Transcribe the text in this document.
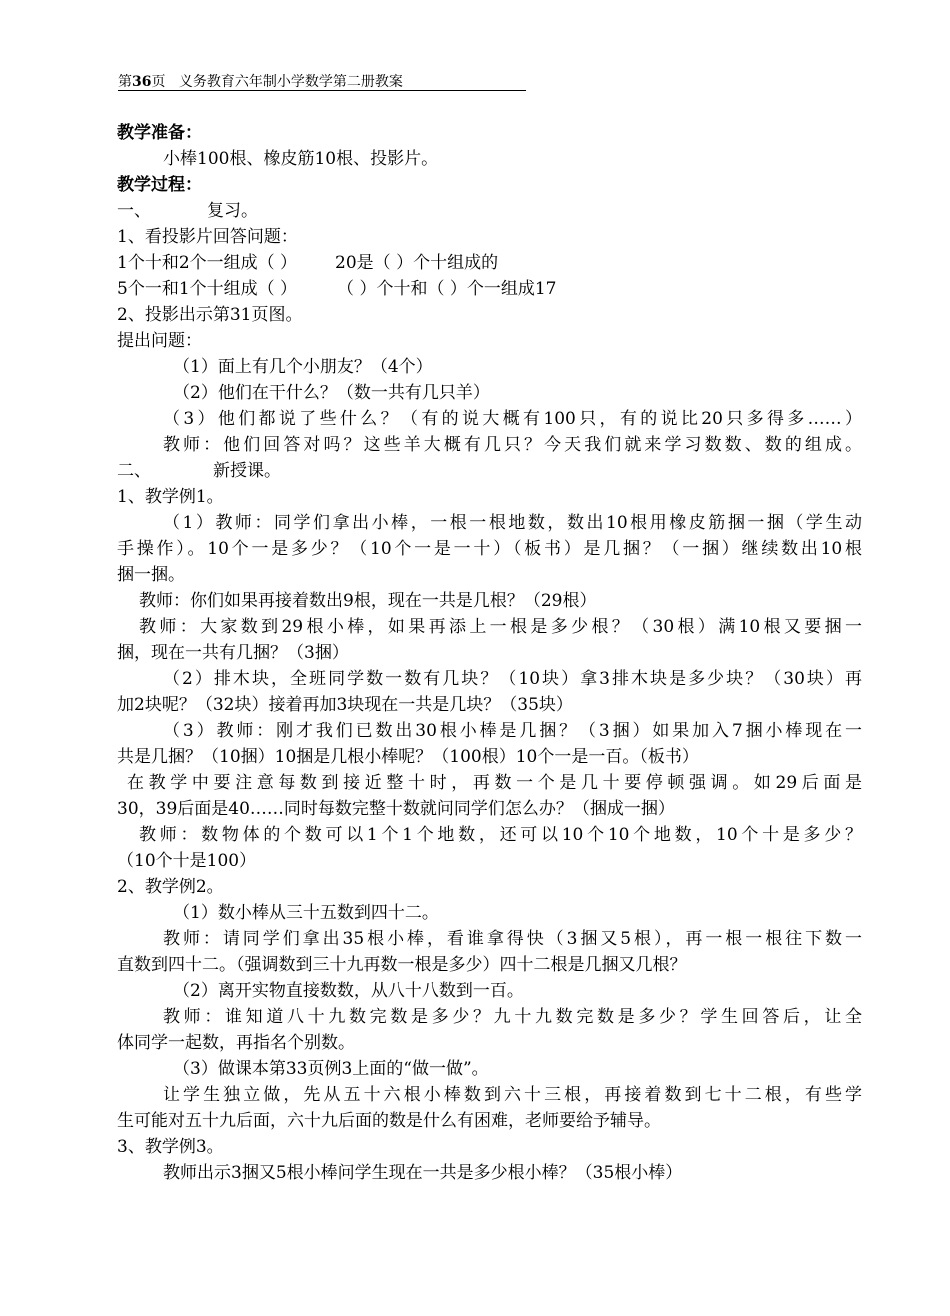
第36页 义务教育六年制小学数学第二册教案
教学准备：
小棒100根、橡皮筋10根、投影片。
教学过程：
一、	复习。
1、看投影片回答问题：
1个十和2个一组成（ ） 20是（ ）个十组成的
5个一和1个十组成（ ） （ ）个十和（ ）个一组成17
2、投影出示第31页图。
提出问题：
（1）面上有几个小朋友？（4个）
（2）他们在干什么？（数一共有几只羊）
（3）他们都说了些什么？（有的说大概有100只，有的说比20只多得多……）
教师：他们回答对吗？这些羊大概有几只？今天我们就来学习数数、数的组成。
二、	新授课。
1、教学例1。
（1）教师：同学们拿出小棒，一根一根地数，数出10根用橡皮筋捆一捆（学生动
手操作）。10个一是多少？（10个一是一十）（板书）是几捆？（一捆）继续数出10根
捆一捆。
教师：你们如果再接着数出9根，现在一共是几根？（29根）
教师：大家数到29根小棒，如果再添上一根是多少根？（30根）满10根又要捆一
捆，现在一共有几捆？（3捆）
（2）排木块，全班同学数一数有几块？（10块）拿3排木块是多少块？（30块）再
加2块呢？（32块）接着再加3块现在一共是几块？（35块）
（3）教师：刚才我们已数出30根小棒是几捆？（3捆）如果加入7捆小棒现在一
共是几捆？（10捆）10捆是几根小棒呢？（100根）10个一是一百。（板书）
在教学中要注意每数到接近整十时，再数一个是几十要停顿强调。如29后面是
30，39后面是40……同时每数完整十数就问同学们怎么办？（捆成一捆）
教师：数物体的个数可以1个1个地数，还可以10个10个地数，10个十是多少？
（10个十是100）
2、教学例2。
（1）数小棒从三十五数到四十二。
教师：请同学们拿出35根小棒，看谁拿得快（3捆又5根），再一根一根往下数一
直数到四十二。（强调数到三十九再数一根是多少）四十二根是几捆又几根？
（2）离开实物直接数数，从八十八数到一百。
教师：谁知道八十九数完数是多少？九十九数完数是多少？学生回答后，让全
体同学一起数，再指名个别数。
（3）做课本第33页例3上面的“做一做”。
让学生独立做，先从五十六根小棒数到六十三根，再接着数到七十二根，有些学
生可能对五十九后面，六十九后面的数是什么有困难，老师要给予辅导。
3、教学例3。
教师出示3捆又5根小棒问学生现在一共是多少根小棒？（35根小棒）
